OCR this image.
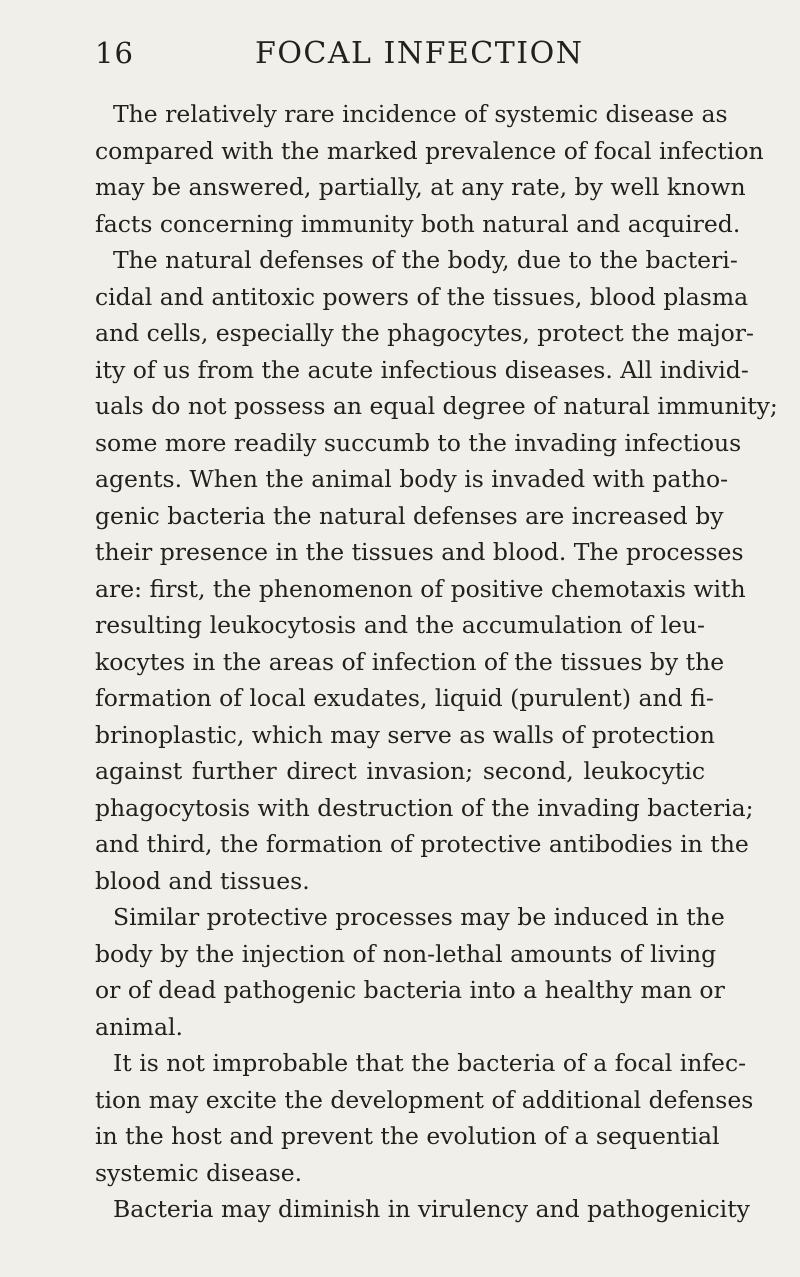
16	FOCAL INFECTION
The relatively rare incidence of systemic disease as
compared with the marked prevalence of focal infection
may be answered, partially, at any rate, by well known
facts concerning immunity both natural and acquired.
The natural defenses of the body, due to the bacteri-
cidal and antitoxic powers of the tissues, blood plasma
and cells, especially the phagocytes, protect the major-
ity of us from the acute infectious diseases. All individ-
uals do not possess an equal degree of natural immunity;
some more readily succumb to the invading infectious
agents. When the animal body is invaded with patho-
genic bacteria the natural defenses are increased by
their presence in the tissues and blood. The processes
are: first, the phenomenon of positive chemotaxis with
resulting leukocytosis and the accumulation of leu-
kocytes in the areas of infection of the tissues by the
formation of local exudates, liquid (purulent) and fi-
brinoplastic, which may serve as walls of protection
against further direct invasion; second, leukocytic
phagocytosis with destruction of the invading bacteria;
and third, the formation of protective antibodies in the
blood and tissues.
Similar protective processes may be induced in the
body by the injection of non-lethal amounts of living
or of dead pathogenic bacteria into a healthy man or
animal.
It is not improbable that the bacteria of a focal infec-
tion may excite the development of additional defenses
in the host and prevent the evolution of a sequential
systemic disease.
Bacteria may diminish in virulency and pathogenicity
